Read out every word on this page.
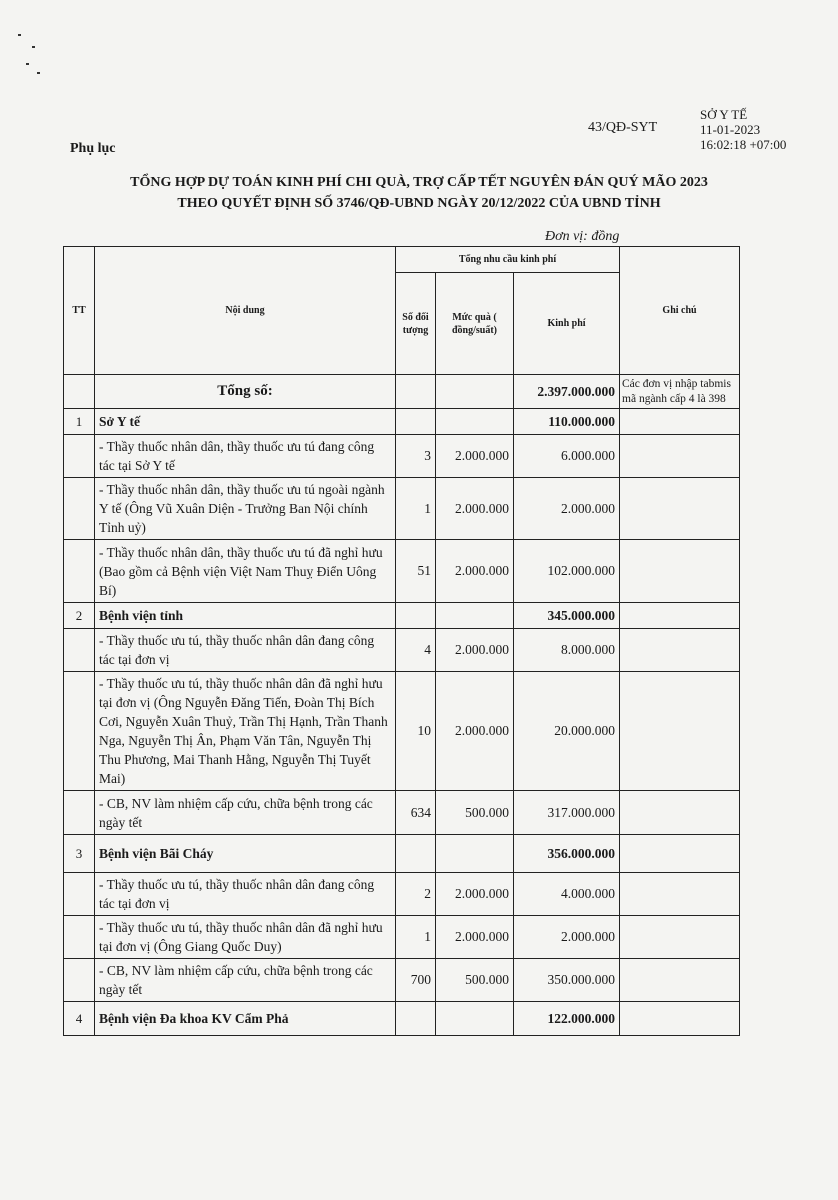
43/QĐ-SYT
SỞ Y TẾ
11-01-2023
16:02:18 +07:00
Phụ lục
TỔNG HỢP DỰ TOÁN KINH PHÍ CHI QUÀ, TRỢ CẤP TẾT NGUYÊN ĐÁN QUÝ MÃO 2023
THEO QUYẾT ĐỊNH SỐ 3746/QĐ-UBND NGÀY 20/12/2022 CỦA UBND TỈNH
Đơn vị: đồng
TT	Nội dung	Tổng nhu cầu kinh phí			Ghi chú
		Số đối tượng	Mức quà ( đồng/suất)	Kinh phí	
	Tổng số:			2.397.000.000	Các đơn vị nhập tabmis mã ngành cấp 4 là 398
1	Sở Y tế			110.000.000	
	- Thầy thuốc nhân dân, thầy thuốc ưu tú đang công tác tại Sở Y tế	3	2.000.000	6.000.000	
	- Thầy thuốc nhân dân, thầy thuốc ưu tú ngoài ngành Y tế (Ông Vũ Xuân Diện - Trưởng Ban Nội chính Tỉnh uỷ)	1	2.000.000	2.000.000	
	- Thầy thuốc nhân dân, thầy thuốc ưu tú đã nghỉ hưu (Bao gồm cả Bệnh viện Việt Nam Thuỵ Điển Uông Bí)	51	2.000.000	102.000.000	
2	Bệnh viện tỉnh			345.000.000	
	- Thầy thuốc ưu tú, thầy thuốc nhân dân đang công tác tại đơn vị	4	2.000.000	8.000.000	
	- Thầy thuốc ưu tú, thầy thuốc nhân dân đã nghỉ hưu tại đơn vị (Ông Nguyễn Đăng Tiến, Đoàn Thị Bích Cơi, Nguyễn Xuân Thuỷ, Trần Thị Hạnh, Trần Thanh Nga, Nguyễn Thị Ân, Phạm Văn Tân, Nguyễn Thị Thu Phương, Mai Thanh Hằng, Nguyễn Thị Tuyết Mai)	10	2.000.000	20.000.000	
	- CB, NV làm nhiệm cấp cứu, chữa bệnh trong các ngày tết	634	500.000	317.000.000	
3	Bệnh viện Bãi Cháy			356.000.000	
	- Thầy thuốc ưu tú, thầy thuốc nhân dân đang công tác tại đơn vị	2	2.000.000	4.000.000	
	- Thầy thuốc ưu tú, thầy thuốc nhân dân đã nghỉ hưu tại đơn vị (Ông Giang Quốc Duy)	1	2.000.000	2.000.000	
	- CB, NV làm nhiệm cấp cứu, chữa bệnh trong các ngày tết	700	500.000	350.000.000	
4	Bệnh viện Đa khoa KV Cẩm Phả			122.000.000	
